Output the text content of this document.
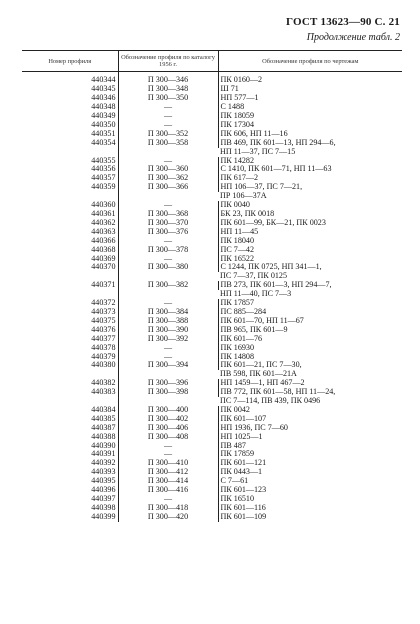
ГОСТ 13623—90 С. 21
Продолжение табл. 2
Номер профиля	Обозначение профиля по каталогу 1956 г.	Обозначение профиля по чертежам
440344	П 300—346	ПК 0160—2
440345	П 300—348	Ш 71
440346	П 300—350	НП 577—1
440348	—	С 1488
440349	—	ПК 18059
440350	—	ПК 17304
440351	П 300—352	ПК 606, НП 11—16
440354	П 300—358	ПВ 469, ПК 601—13, НП 294—6,
		НП 11—37, ПС 7—15
440355	—	ПК 14282
440356	П 300—360	С 1410, ПК 601—71, НП 11—63
440357	П 300—362	ПК 617—2
440359	П 300—366	НП 106—37, ПС 7—21,
		ПР 106—37А
440360	—	ПК 0040
440361	П 300—368	БК 23, ПК 0018
440362	П 300—370	ПК 601—99, БК—21, ПК 0023
440363	П 300—376	НП 11—45
440366	—	ПК 18040
440368	П 300—378	ПС 7—42
440369	—	ПК 16522
440370	П 300—380	С 1244, ПК 0725, НП 341—1,
		ПС 7—37, ПК 0125
440371	П 300—382	ПВ 273, ПК 601—3, НП 294—7,
		НП 11—40, ПС 7—3
440372	—	ПК 17857
440373	П 300—384	ПС 885—284
440375	П 300—388	ПК 601—70, НП 11—67
440376	П 300—390	ПВ 965, ПК 601—9
440377	П 300—392	ПК 601—76
440378	—	ПК 16930
440379	—	ПК 14808
440380	П 300—394	ПК 601—21, ПС 7—30,
		ПВ 598, ПК 601—21А
440382	П 300—396	НП 1459—1, НП 467—2
440383	П 300—398	ПВ 772, ПК 601—58, НП 11—24,
		ПС 7—114, ПВ 439, ПК 0496
440384	П 300—400	ПК 0042
440385	П 300—402	ПК 601—107
440387	П 300—406	НП 1936, ПС 7—60
440388	П 300—408	НП 1025—1
440390	—	ПВ 487
440391	—	ПК 17859
440392	П 300—410	ПК 601—121
440393	П 300—412	ПК 0443—1
440395	П 300—414	С 7—61
440396	П 300—416	ПК 601—123
440397	—	ПК 16510
440398	П 300—418	ПК 601—116
440399	П 300—420	ПК 601—109
